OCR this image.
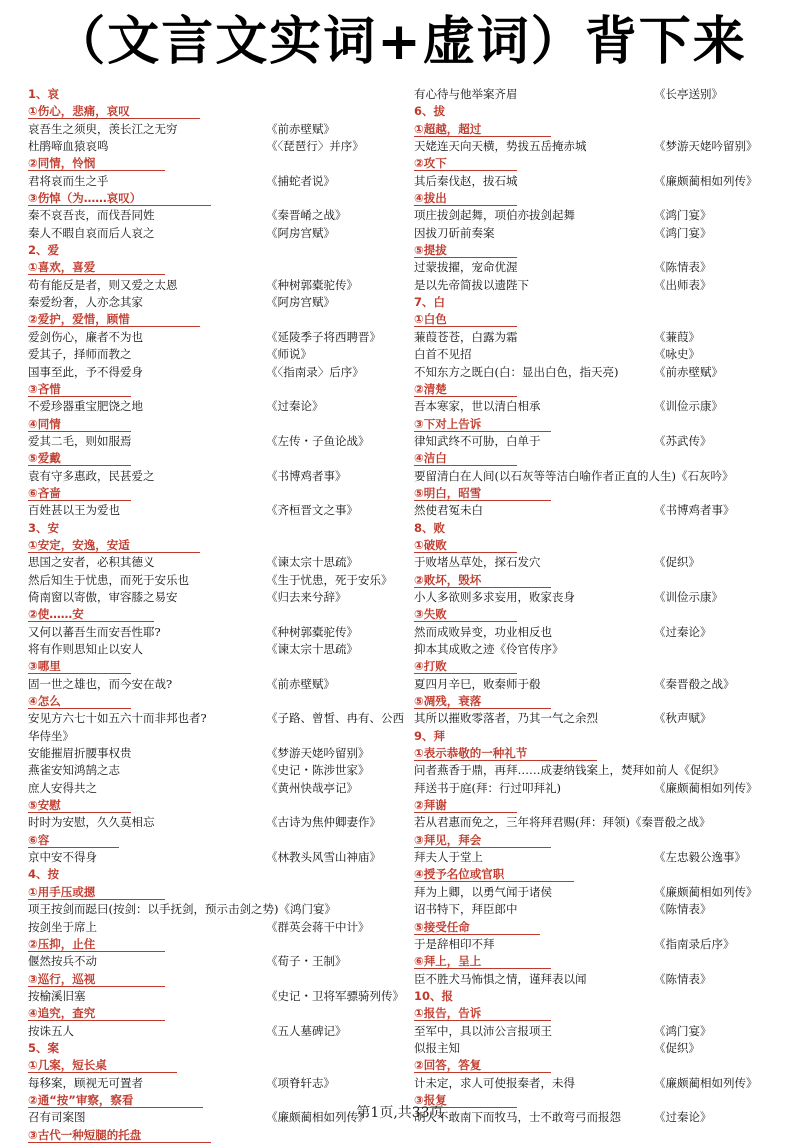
（文言文实词+虚词）背下来
1、哀
①伤心，悲痛，哀叹
哀吾生之须臾，羡长江之无穷	《前赤壁赋》
杜鹃啼血猿哀鸣	《〈琵琶行〉并序》
②同情，怜悯
君将哀而生之乎	《捕蛇者说》
③伤悼（为……哀叹）
秦不哀吾丧，而伐吾同姓	《秦晋崤之战》
秦人不暇自哀而后人哀之	《阿房宫赋》
2、爱
①喜欢，喜爱
苟有能反是者，则又爱之太恩	《种树郭橐驼传》
秦爱纷奢，人亦念其家	《阿房宫赋》
②爱护，爱惜，顾惜
爱剑伤心，廉者不为也	《延陵季子将西聘晋》
爱其子，择师而教之	《师说》
国事至此，予不得爱身	《〈指南录〉后序》
③吝惜
不爱珍器重宝肥饶之地	《过秦论》
④同情
爱其二毛，则如服焉	《左传・子鱼论战》
⑤爱戴
袁有守多惠政，民甚爱之	《书博鸡者事》
⑥吝啬
百姓甚以王为爱也	《齐桓晋文之事》
3、安
①安定，安逸，安适
思国之安者，必积其德义	《谏太宗十思疏》
然后知生于忧患，而死于安乐也	《生于忧患，死于安乐》
倚南窗以寄傲，审容膝之易安	《归去来兮辞》
②使……安
又何以蕃吾生而安吾性耶?	《种树郭橐驼传》
将有作则思知止以安人	《谏太宗十思疏》
③哪里
固一世之雄也，而今安在哉?	《前赤壁赋》
④怎么
安见方六七十如五六十而非邦也者?	《子路、曾皙、冉有、公西
华侍坐》
安能摧眉折腰事权贵	《梦游天姥吟留别》
燕雀安知鸿鹄之志	《史记・陈涉世家》
庶人安得共之	《黄州快哉亭记》
⑤安慰
时时为安慰，久久莫相忘	《古诗为焦仲卿妻作》
⑥容
京中安不得身	《林教头风雪山神庙》
4、按
①用手压或摁
项王按剑而跽曰(按剑：以手抚剑，预示击剑之势)《鸿门宴》
按剑坐于席上	《群英会蒋干中计》
②压抑，止住
偃然按兵不动	《荀子・王制》
③巡行，巡视
按榆溪旧塞	《史记・卫将军骠骑列传》
④追究，查究
按诛五人	《五人墓碑记》
5、案
①几案，短长桌
每移案，顾视无可置者	《项脊轩志》
②通“按”审察，察看
召有司案图	《廉颇蔺相如列传》
③古代一种短腿的托盘
有心待与他举案齐眉	《长亭送别》
6、拔
①超越，超过
天姥连天向天横，势拔五岳掩赤城	《梦游天姥吟留别》
②攻下
其后秦伐赵，拔石城	《廉颇蔺相如列传》
④拔出
项庄拔剑起舞，项伯亦拔剑起舞	《鸿门宴》
因拔刀斫前奏案	《鸿门宴》
⑤提拔
过蒙拔擢，宠命优渥	《陈情表》
是以先帝简拔以遗陛下	《出师表》
7、白
①白色
蒹葭苍苍，白露为霜	《蒹葭》
白首不见招	《咏史》
不知东方之既白(白：显出白色，指天亮)	《前赤壁赋》
②清楚
吾本寒家，世以清白相承	《训俭示康》
③下对上告诉
律知武终不可胁，白单于	《苏武传》
④洁白
要留清白在人间(以石灰等等洁白喻作者正直的人生)《石灰吟》
⑤明白，昭雪
然使君冤未白	《书博鸡者事》
8、败
①破败
于败堵丛草处，探石发穴	《促织》
②败坏，毁坏
小人多欲则多求妄用，败家丧身	《训俭示康》
③失败
然而成败异变，功业相反也	《过秦论》
抑本其成败之迹《伶官传序》
④打败
夏四月辛巳，败秦师于殽	《秦晋殽之战》
⑤凋残，衰落
其所以摧败零落者，乃其一气之余烈	《秋声赋》
9、拜
①表示恭敬的一种礼节
问者燕香于鼎，再拜……成妻纳钱案上，焚拜如前人《促织》
拜送书于庭(拜：行过叩拜礼)	《廉颇蔺相如列传》
②拜谢
若从君惠而免之，三年将拜君赐(拜：拜领)《秦晋殽之战》
③拜见，拜会
拜夫人于堂上	《左忠毅公逸事》
④授予名位或官职
拜为上卿，以勇气闻于诸侯	《廉颇蔺相如列传》
诏书特下，拜臣郎中	《陈情表》
⑤接受任命
于是辞相印不拜	《指南录后序》
⑥拜上，呈上
臣不胜犬马怖惧之情，谨拜表以闻	《陈情表》
10、报
①报告，告诉
至军中，具以沛公言报项王	《鸿门宴》
似报主知	《促织》
②回答，答复
计未定，求人可使报秦者，未得	《廉颇蔺相如列传》
③报复
胡人不敢南下而牧马，士不敢弯弓而报怨	《过秦论》
第1页,共33页
